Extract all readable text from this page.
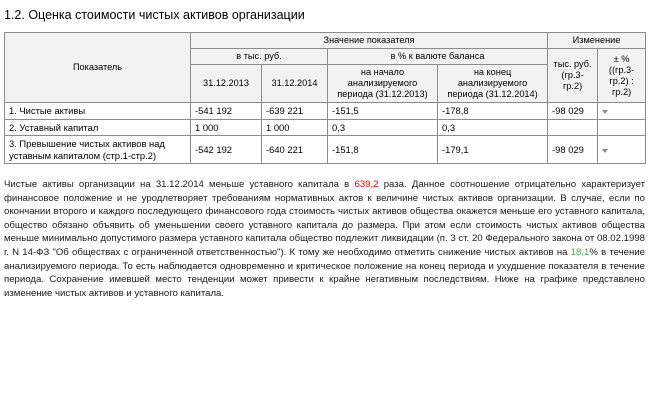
1.2. Оценка стоимости чистых активов организации
Показатель	Значение показателя				Изменение	
	в тыс. руб.		в % к валюте баланса		тыс. руб. (гр.3-гр.2)	± % ((гр.3-гр.2) : гр.2)
	31.12.2013	31.12.2014	на начало анализируемого периода (31.12.2013)	на конец анализируемого периода (31.12.2014)		
1. Чистые активы	-541 192	-639 221	-151,5	-178,8	-98 029	
2. Уставный капитал	1 000	1 000	0,3	0,3		
3. Превышение чистых активов над уставным капиталом (стр.1-стр.2)	-542 192	-640 221	-151,8	-179,1	-98 029	

Чистые активы организации на 31.12.2014 меньше уставного капитала в 639,2 раза. Данное соотношение отрицательно характеризует финансовое положение и не уродлетворяет требованиям нормативных актов к величине чистых активов организации. В случае, если по окончании второго и каждого последующего финансового года стоимость чистых активов общества окажется меньше его уставного капитала, общество обязано объявить об уменьшении своего уставного капитала до размера. При этом если стоимость чистых активов общества меньше минимально допустимого размера уставного капитала общество подлежит ликвидации (п. 3 ст. 20 Федерального закона от 08.02.1998 г. N 14-ФЗ "Об обществах с ограниченной ответственностью"). К тому же необходимо отметить снижение чистых активов на 18,1% в течение анализируемого периода. То есть наблюдается одновременно и критическое положение на конец периода и ухудшение показателя в течение периода. Сохранение имевшей место тенденции может привести к крайне негативным последствиям. Ниже на графике представлено изменение чистых активов и уставного капитала.
